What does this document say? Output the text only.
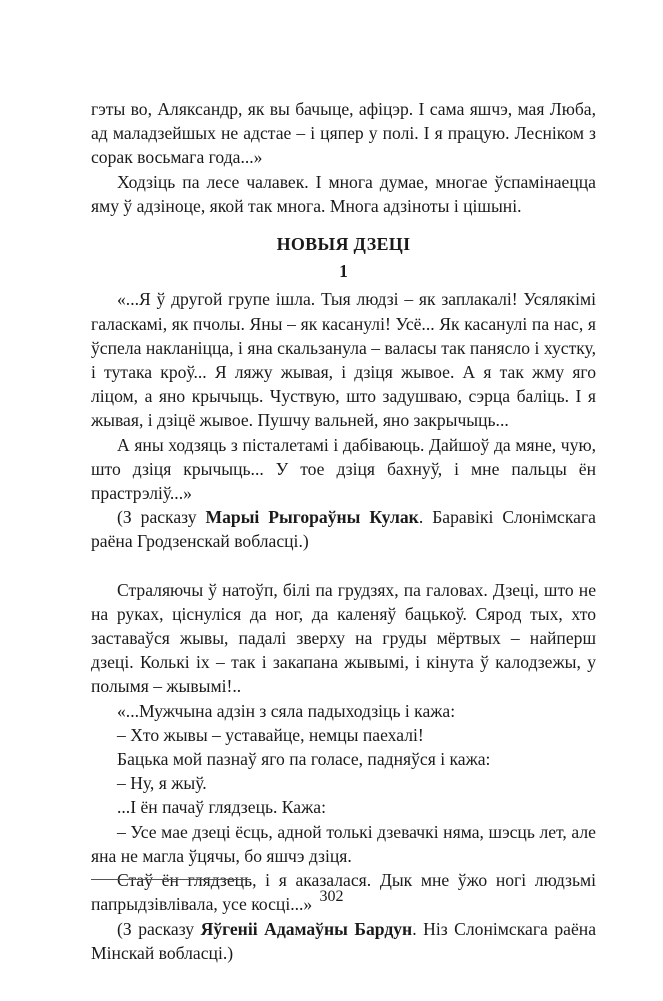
гэты во, Аляксандр, як вы бачыце, афіцэр. І сама яшчэ, мая Люба, ад маладзейшых не адстае – і цяпер у полі. І я працую. Лесніком з сорак восьмага года...»

Ходзіць па лесе чалавек. І многа думае, многае ўспамінаецца яму ў адзіноце, якой так многа. Многа адзіноты і цішыні.

НОВЫЯ ДЗЕЦІ
1

«...Я ў другой групе ішла. Тыя людзі – як заплакалі! Усялякімі галаскамі, як пчолы. Яны – як касанулі! Усё... Як касанулі па нас, я ўспела накланіцца, і яна скальзанула – валасы так панясло і хустку, і тутака кроў... Я ляжу жывая, і дзіця жывое. А я так жму яго ліцом, а яно крычыць. Чуствую, што задушваю, сэрца баліць. І я жывая, і дзіцё жывое. Пушчу вальней, яно закрычыць...

А яны ходзяць з пісталетамі і дабіваюць. Дайшоў да мяне, чую, што дзіця крычыць... У тое дзіця бахнуў, і мне пальцы ён прастрэліў...»

(З расказу Марыі Рыгораўны Кулак. Баравікі Слонімскага раёна Гродзенскай вобласці.)

Страляючы ў натоўп, білі па грудзях, па галовах. Дзеці, што не на руках, ціснуліся да ног, да каленяў бацькоў. Сярод тых, хто заставаўся жывы, падалі зверху на груды мёртвых – найперш дзеці. Колькі іх – так і закапана жывымі, і кінута ў калодзежы, у полымя – жывымі!..

«...Мужчына адзін з сяла падыходзіць і кажа:

– Хто жывы – уставайце, немцы паехалі!

Бацька мой пазнаў яго па голасе, падняўся і кажа:

– Ну, я жыў.

...І ён пачаў глядзець. Кажа:

– Усе мае дзеці ёсць, адной толькі дзевачкі няма, шэсць лет, але яна не магла ўцячы, бо яшчэ дзіця.

Стаў ён глядзець, і я аказалася. Дык мне ўжо ногі людзьмі папрыдзівлівала, усе косці...»

(З расказу Яўгеніі Адамаўны Бардун. Ніз Слонімскага раёна Мінскай вобласці.)

302
